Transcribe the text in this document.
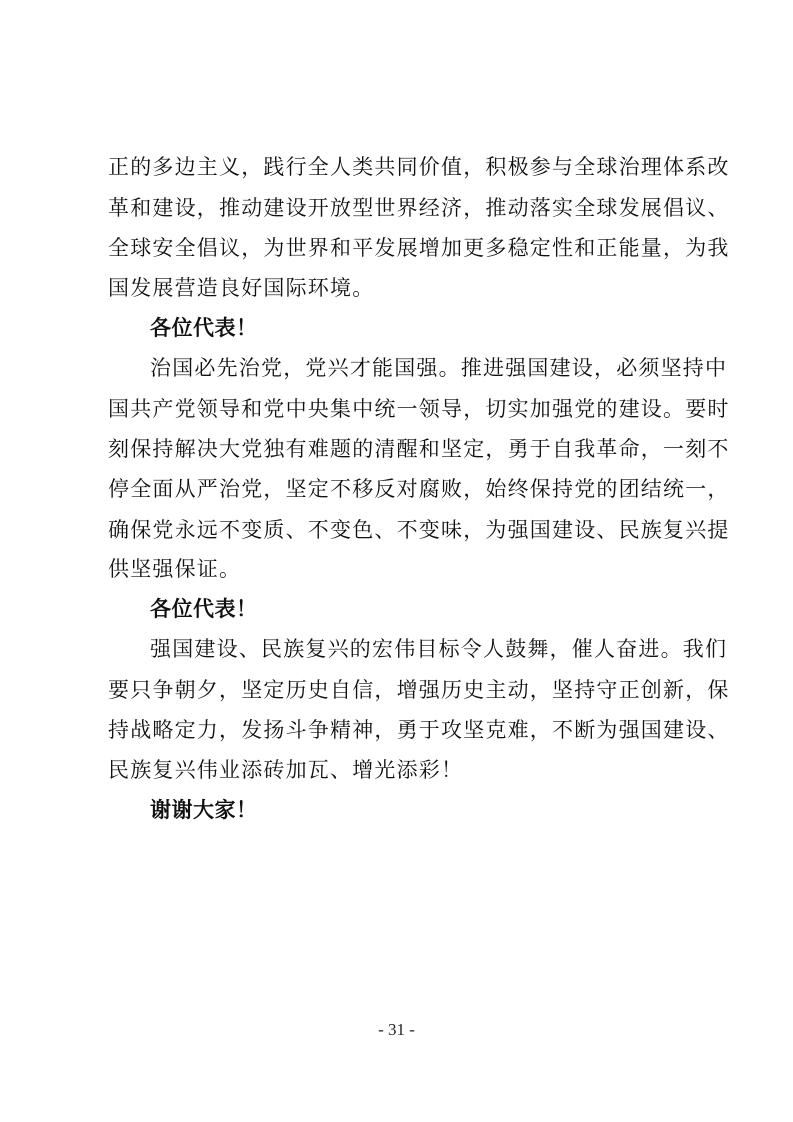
正的多边主义，践行全人类共同价值，积极参与全球治理体系改
革和建设，推动建设开放型世界经济，推动落实全球发展倡议、
全球安全倡议，为世界和平发展增加更多稳定性和正能量，为我
国发展营造良好国际环境。
各位代表！
治国必先治党，党兴才能国强。推进强国建设，必须坚持中
国共产党领导和党中央集中统一领导，切实加强党的建设。要时
刻保持解决大党独有难题的清醒和坚定，勇于自我革命，一刻不
停全面从严治党，坚定不移反对腐败，始终保持党的团结统一，
确保党永远不变质、不变色、不变味，为强国建设、民族复兴提
供坚强保证。
各位代表！
强国建设、民族复兴的宏伟目标令人鼓舞，催人奋进。我们
要只争朝夕，坚定历史自信，增强历史主动，坚持守正创新，保
持战略定力，发扬斗争精神，勇于攻坚克难，不断为强国建设、
民族复兴伟业添砖加瓦、增光添彩！
谢谢大家！
- 31 -
